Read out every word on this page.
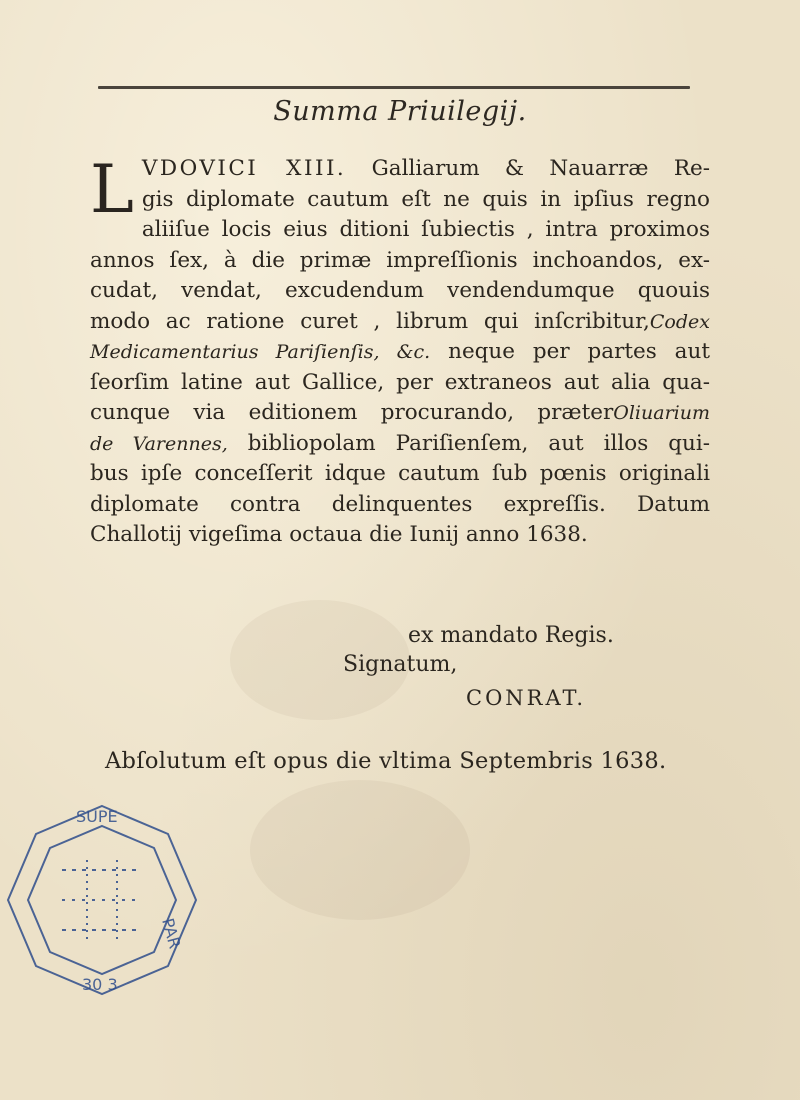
Summa Priuilegij.
L VDOVICI XIII. Galliarum & Nauarræ Re-
gis diplomate cautum eſt ne quis in ipſius regno
aliiſue locis eius ditioni ſubiectis , intra proximos
annos ſex, à die primæ impreſſionis inchoandos, ex-
cudat, vendat, excudendum vendendumque quouis
modo ac ratione curet , librum qui inſcribitur,Codex
Medicamentarius Pariſienſis, &c. neque per partes aut
ſeorſim latine aut Gallice, per extraneos aut alia qua-
cunque via editionem procurando, præterOliuarium
de Varennes, bibliopolam Pariſienſem, aut illos qui-
bus ipſe conceſſerit idque cautum ſub pœnis originali
diplomate contra delinquentes expreſſis. Datum
Challotij vigeſima octaua die Iunij anno 1638.
ex mandato Regis.
Signatum,
CONRAT.
Abſolutum eſt opus die vltima Septembris 1638.
SUPE
PAR
30 3
